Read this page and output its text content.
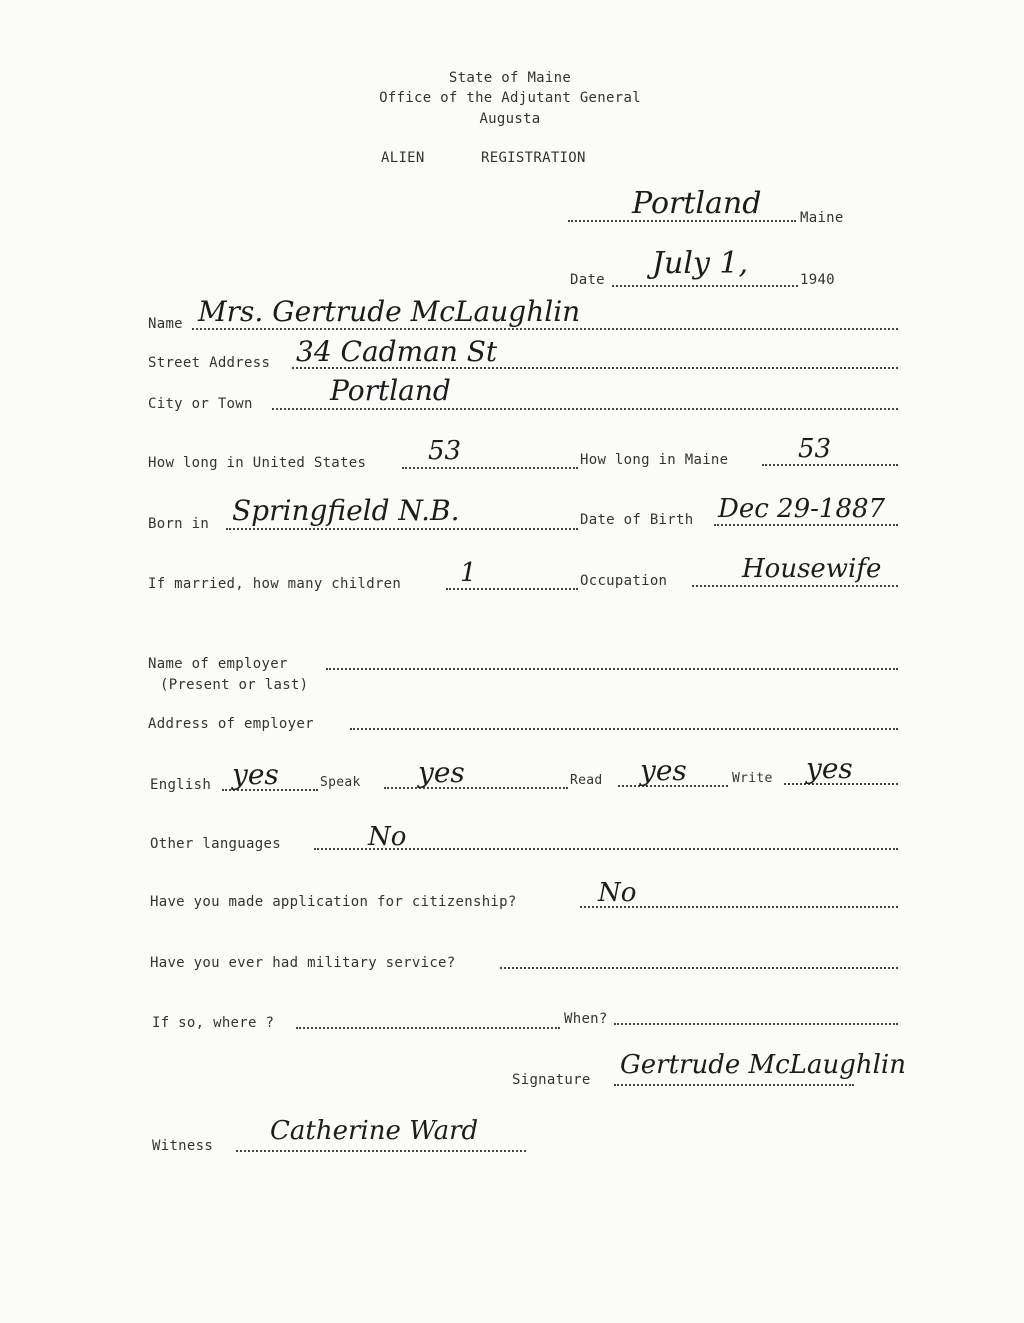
State of Maine
Office of the Adjutant General
Augusta
ALIEN	REGISTRATION
Portland	Maine
Date July 1,	1940
Name Mrs. Gertrude McLaughlin
Street Address 34 Cadman St
City or Town	Portland
How long in United States 53	How long in Maine	53
Born in Springfield N.B.	Date of Birth Dec 29-1887
If married, how many children 1	Occupation	Housewife
Name of employer
(Present or last)
Address of employer
English yes	Speak yes	Read yes	Write yes
Other languages	No
Have you made application for citizenship?	No
Have you ever had military service?
If so, where ?	When?
Signature Gertrude McLaughlin
Witness Catherine Ward
